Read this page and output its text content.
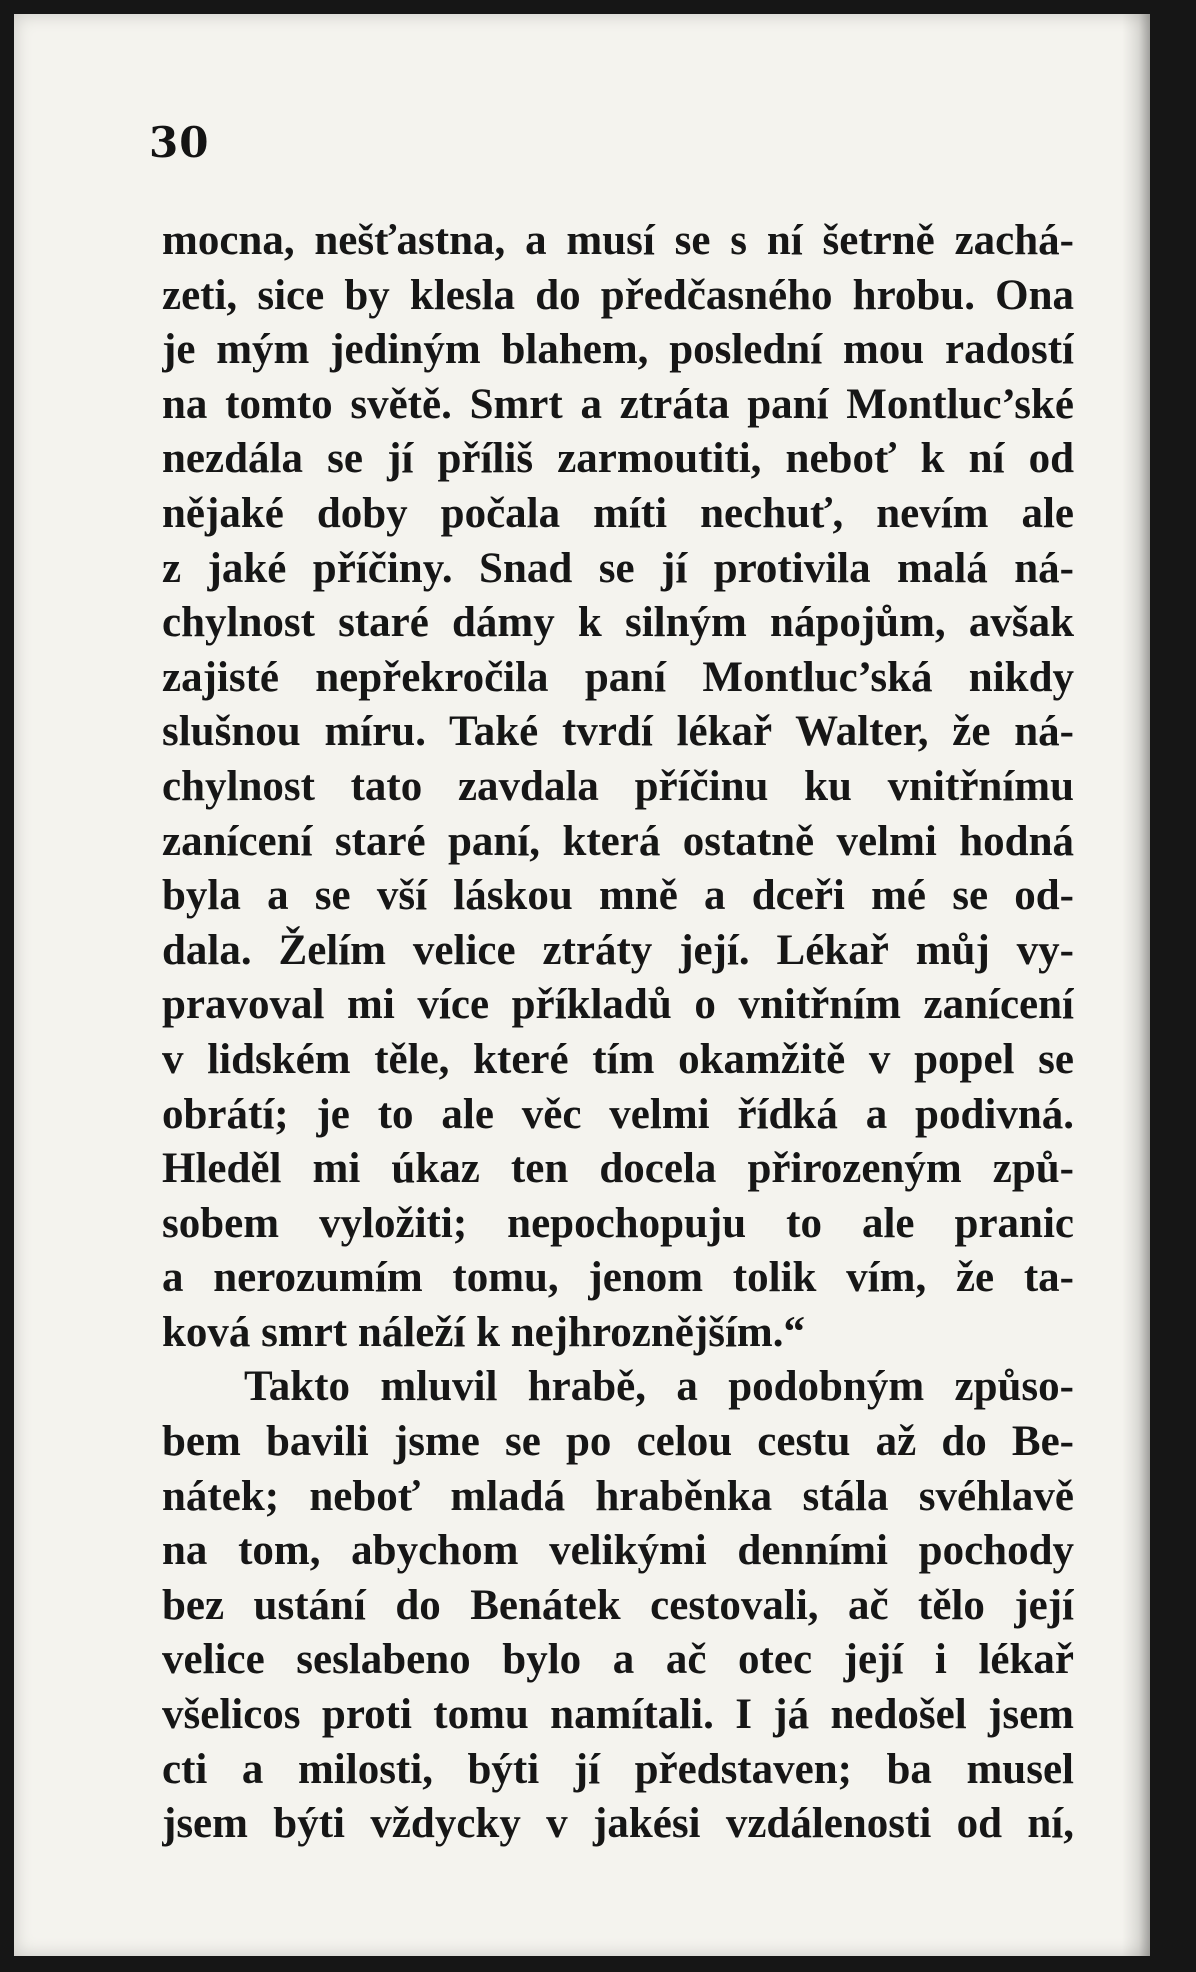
30
mocna, nešťastna, a musí se s ní šetrně zachá-
zeti, sice by klesla do předčasného hrobu. Ona
je mým jediným blahem, poslední mou radostí
na tomto světě. Smrt a ztráta paní Montluc’ské
nezdála se jí příliš zarmoutiti, neboť k ní od
nějaké doby počala míti nechuť, nevím ale
z jaké příčiny. Snad se jí protivila malá ná-
chylnost staré dámy k silným nápojům, avšak
zajisté nepřekročila paní Montluc’ská nikdy
slušnou míru. Také tvrdí lékař Walter, že ná-
chylnost tato zavdala příčinu ku vnitřnímu
zanícení staré paní, která ostatně velmi hodná
byla a se vší láskou mně a dceři mé se od-
dala. Želím velice ztráty její. Lékař můj vy-
pravoval mi více příkladů o vnitřním zanícení
v lidském těle, které tím okamžitě v popel se
obrátí; je to ale věc velmi řídká a podivná.
Hleděl mi úkaz ten docela přirozeným způ-
sobem vyložiti; nepochopuju to ale pranic
a nerozumím tomu, jenom tolik vím, že ta-
ková smrt náleží k nejhroznějším.“
Takto mluvil hrabě, a podobným způso-
bem bavili jsme se po celou cestu až do Be-
nátek; neboť mladá hraběnka stála svéhlavě
na tom, abychom velikými denními pochody
bez ustání do Benátek cestovali, ač tělo její
velice seslabeno bylo a ač otec její i lékař
všelicos proti tomu namítali. I já nedošel jsem
cti a milosti, býti jí představen; ba musel
jsem býti vždycky v jakési vzdálenosti od ní,
